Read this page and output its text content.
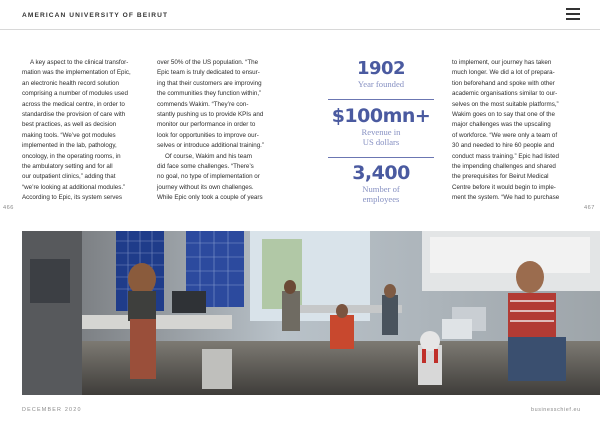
AMERICAN UNIVERSITY OF BEIRUT

A key aspect to the clinical transfor-

mation was the implementation of Epic,

an electronic health record solution

comprising a number of modules used

across the medical centre, in order to

standardise the provision of care with

best practices, as well as decision

making tools. “We’ve got modules

implemented in the lab, pathology,

oncology, in the operating rooms, in

the ambulatory setting and for all

our outpatient clinics,” adding that

“we’re looking at additional modules.”

According to Epic, its system serves

over 50% of the US population. “The

Epic team is truly dedicated to ensur-

ing that their customers are improving

the communities they function within,”

commends Wakim. “They’re con-

stantly pushing us to provide KPIs and

monitor our performance in order to

look for opportunities to improve our-

selves or introduce additional training.”

Of course, Wakim and his team

did face some challenges. “There’s

no goal, no type of implementation or

journey without its own challenges.

While Epic only took a couple of years

1902
Year founded
$100mn+
Revenue in
US dollars
3,400
Number of
employees

to implement, our journey has taken

much longer. We did a lot of prepara-

tion beforehand and spoke with other

academic organisations similar to our-

selves on the most suitable platforms,”

Wakim goes on to say that one of the

major challenges was the upscaling

of workforce. “We were only a team of

30 and needed to hire 60 people and

conduct mass training.” Epic had listed

the impending challenges and shared

the prerequisites for Beirut Medical

Centre before it would begin to imple-

ment the system. “We had to purchase

466	467
DECEMBER 2020	businesschief.eu
